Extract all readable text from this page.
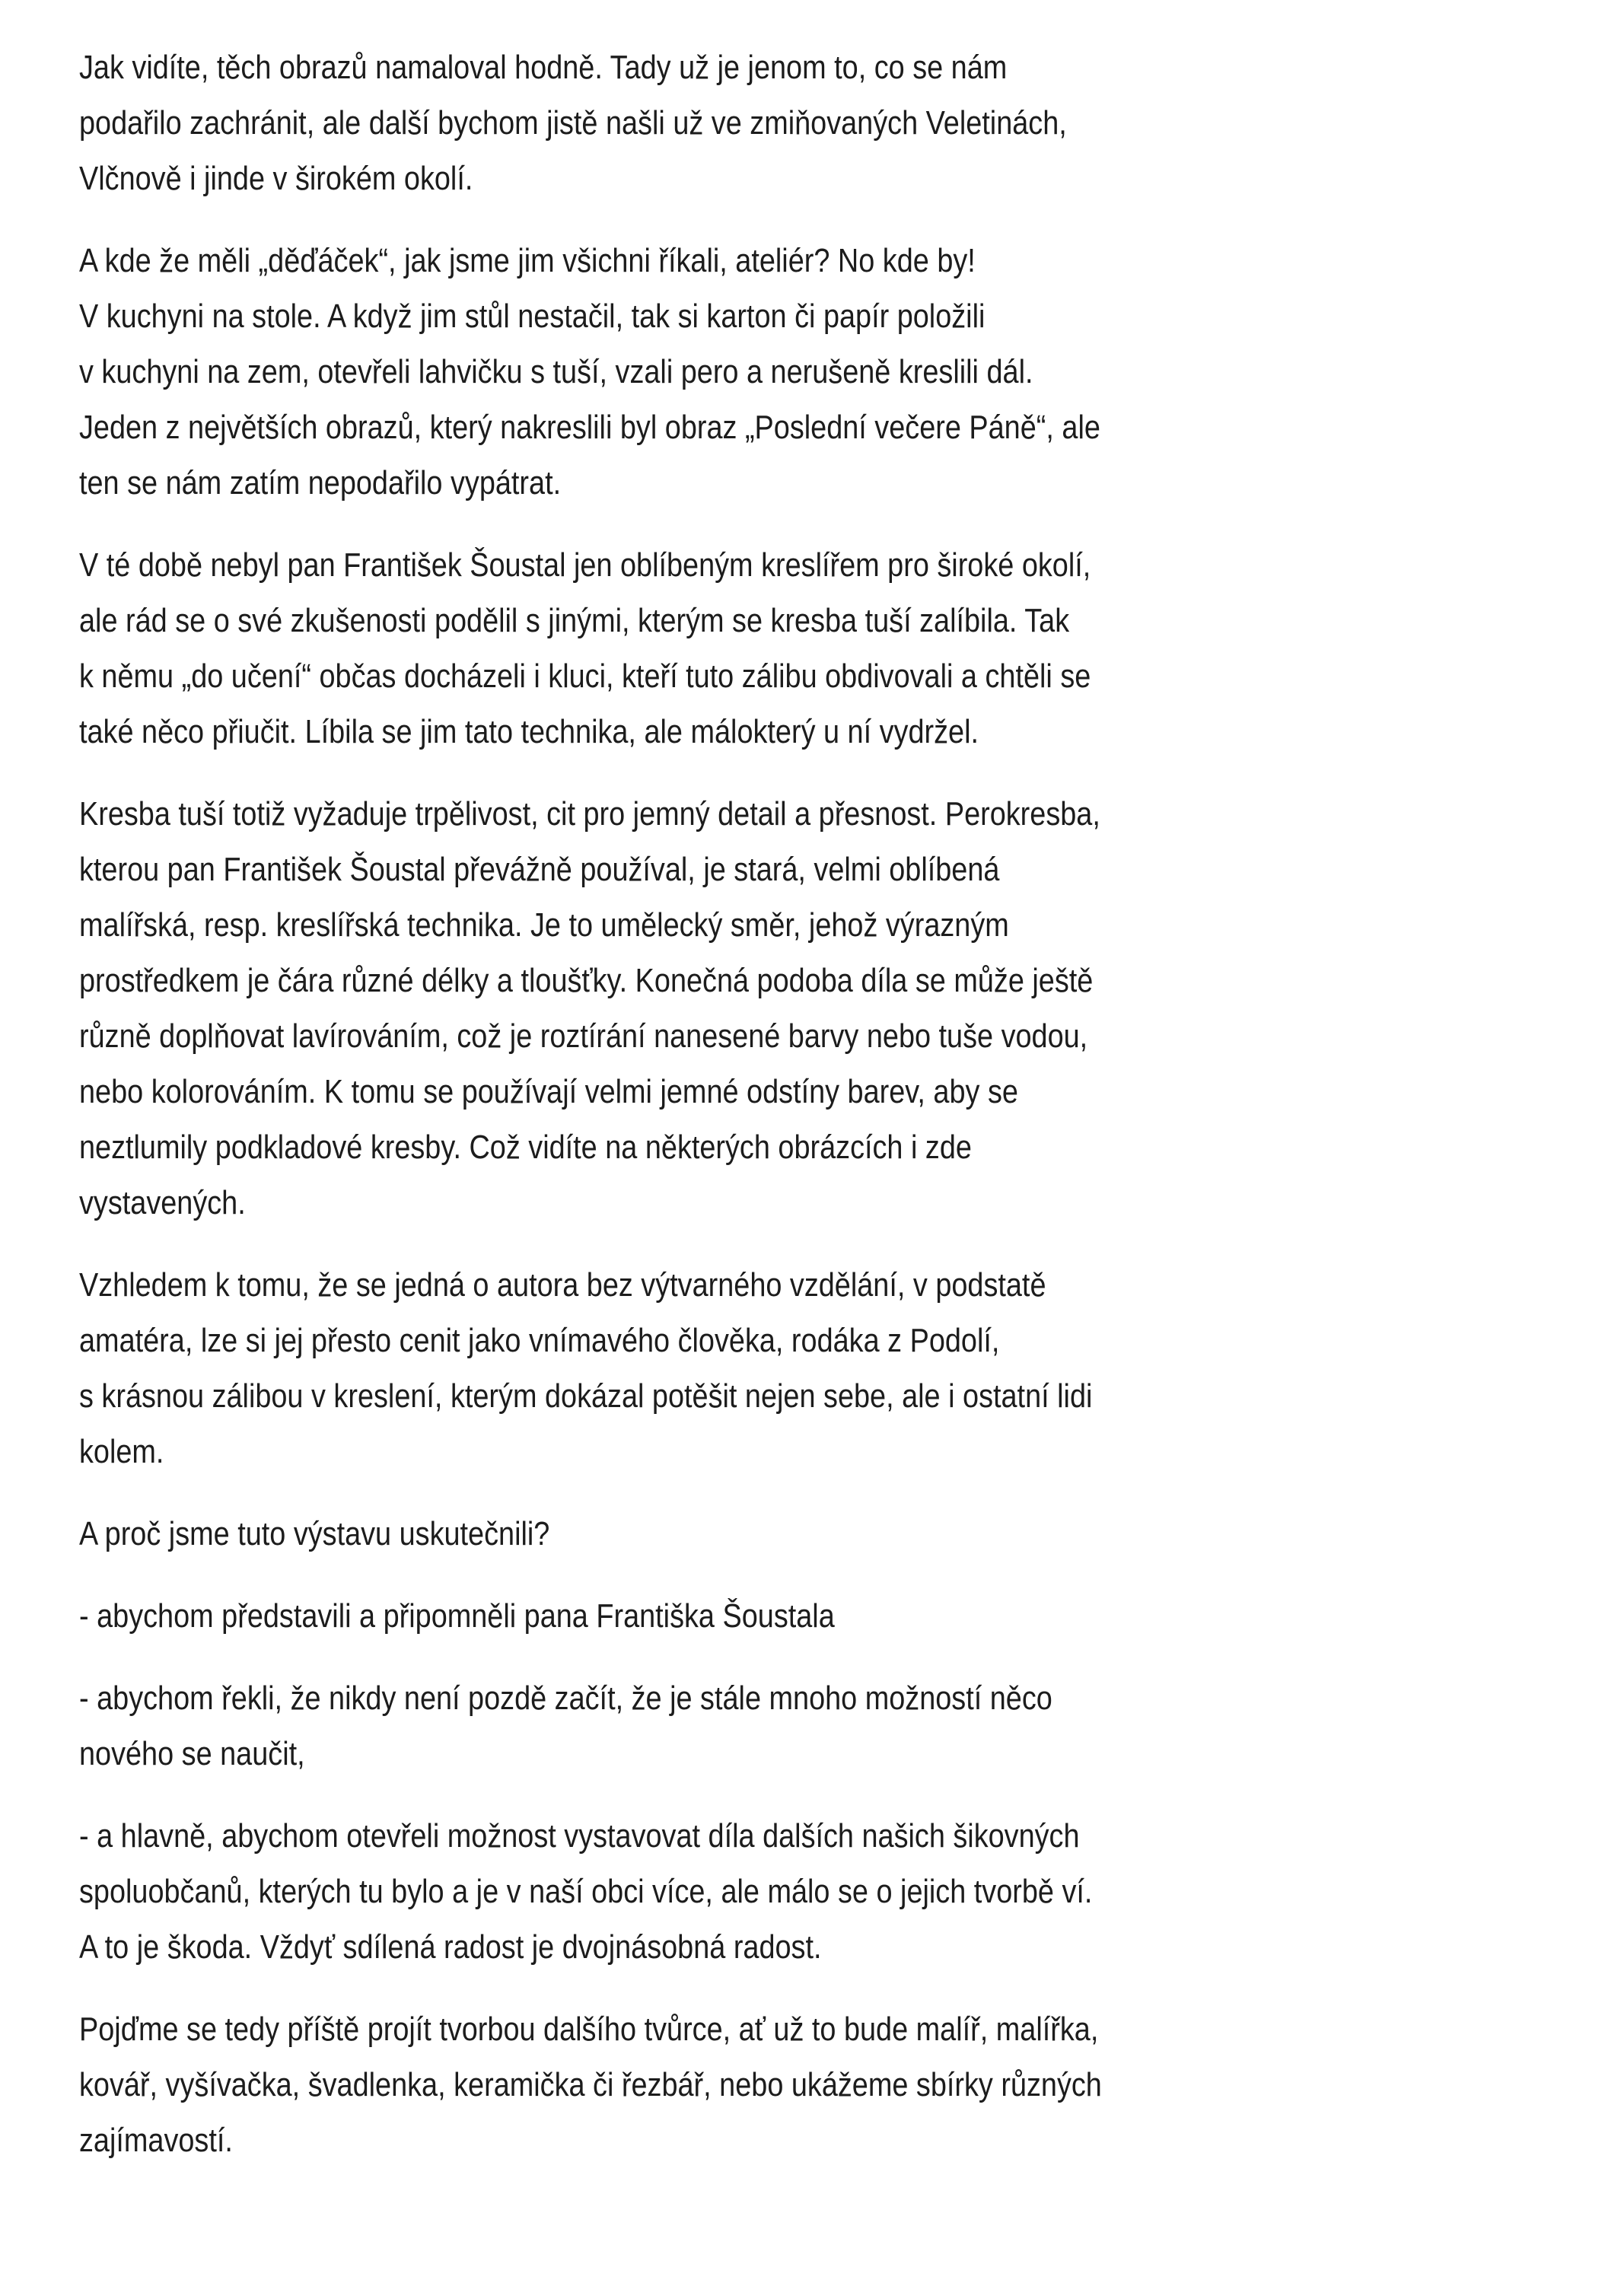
Jak vidíte, těch obrazů namaloval hodně. Tady už je jenom to, co se nám
podařilo zachránit, ale další bychom jistě našli už ve zmiňovaných Veletinách,
Vlčnově i jinde v širokém okolí.

A kde že měli „děďáček“, jak jsme jim všichni říkali, ateliér? No kde by!
V kuchyni na stole. A když jim stůl nestačil, tak si karton či papír položili
v kuchyni na zem, otevřeli lahvičku s tuší, vzali pero a nerušeně kreslili dál.
Jeden z největších obrazů, který nakreslili byl obraz „Poslední večere Páně“, ale
ten se nám zatím nepodařilo vypátrat.

V té době nebyl pan František Šoustal jen oblíbeným kreslířem pro široké okolí,
ale rád se o své zkušenosti podělil s jinými, kterým se kresba tuší zalíbila. Tak
k němu „do učení“ občas docházeli i kluci, kteří tuto zálibu obdivovali a chtěli se
také něco přiučit. Líbila se jim tato technika, ale málokterý u ní vydržel.

Kresba tuší totiž vyžaduje trpělivost, cit pro jemný detail a přesnost. Perokresba,
kterou pan František Šoustal převážně používal, je stará, velmi oblíbená
malířská, resp. kreslířská technika. Je to umělecký směr, jehož výrazným
prostředkem je čára různé délky a tloušťky. Konečná podoba díla se může ještě
různě doplňovat lavírováním, což je roztírání nanesené barvy nebo tuše vodou,
nebo kolorováním. K tomu se používají velmi jemné odstíny barev, aby se
neztlumily podkladové kresby. Což vidíte na některých obrázcích i zde
vystavených.

Vzhledem k tomu, že se jedná o autora bez výtvarného vzdělání, v podstatě
amatéra, lze si jej přesto cenit jako vnímavého člověka, rodáka z Podolí,
s krásnou zálibou v kreslení, kterým dokázal potěšit nejen sebe, ale i ostatní lidi
kolem.

A proč jsme tuto výstavu uskutečnili?

- abychom představili a připomněli pana Františka Šoustala

- abychom řekli, že nikdy není pozdě začít, že je stále mnoho možností něco
nového se naučit,

- a hlavně, abychom otevřeli možnost vystavovat díla dalších našich šikovných
spoluobčanů, kterých tu bylo a je v naší obci více, ale málo se o jejich tvorbě ví.
A to je škoda. Vždyť sdílená radost je dvojnásobná radost.

Pojďme se tedy příště projít tvorbou dalšího tvůrce, ať už to bude malíř, malířka,
kovář, vyšívačka, švadlenka, keramička či řezbář, nebo ukážeme sbírky různých
zajímavostí.
